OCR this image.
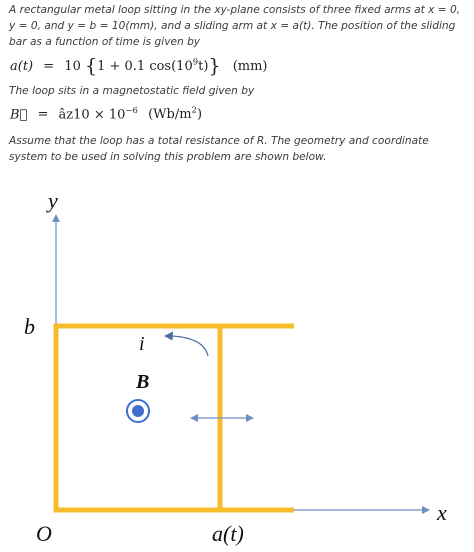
A rectangular metal loop sitting in the xy-plane consists of three fixed arms at x = 0, y = 0, and y = b = 10(mm), and a sliding arm at x = a(t). The position of the sliding bar as a function of time is given by
a(t) = 10 {1 + 0.1 $\cos(10^9t)$} (mm)
The loop sits in a magnetostatic field given by
B⃗ = âz10 × $10^{-6}$ $(Wb/m^2)$
Assume that the loop has a total resistance of R. The geometry and coordinate system to be used in solving this problem are shown below.
y
x
b
O	a(t)
i
B
